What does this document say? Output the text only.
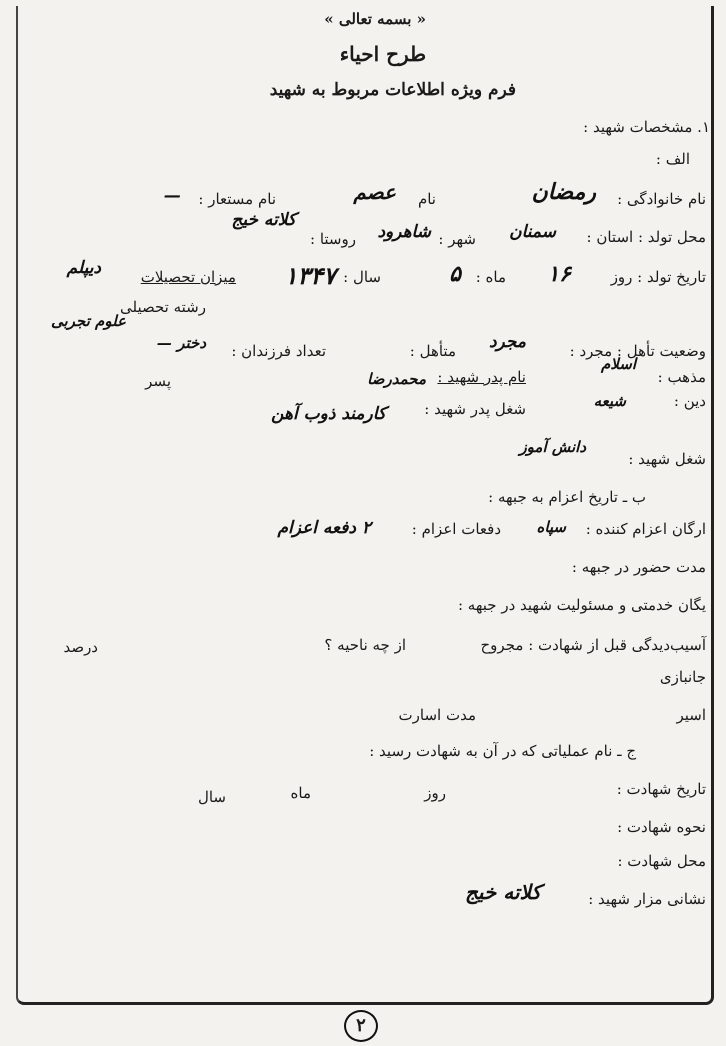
« بسمه تعالی »
طرح احیاء
فرم ویژه اطلاعات مربوط به شهید
۱. مشخصات شهید :
الف :
نام خانوادگی :
رمضان
نام
عصم
نام مستعار :
—
محل تولد : استان :
سمنان
شهر :
شاهرود
روستا :
کلاته خیج
تاریخ تولد : روز
۱۶
ماه :
۵
سال :
۱۳۴۷
میزان تحصیلات
دیپلم
رشته تحصیلی
علوم تجربی
وضعیت تأهل : مجرد :
مجرد
متأهل :
تعداد فرزندان :
دختر —
پسر	مذهب :
اسلام
دین :
شیعه
نام پدر شهید :
محمدرضا
شغل پدر شهید :
کارمند ذوب آهن
شغل شهید :
دانش آموز
ب ـ تاریخ اعزام به جبهه :
ارگان اعزام کننده :
سپاه
دفعات اعزام :
۲ دفعه اعزام
مدت حضور در جبهه :
یگان خدمتی و مسئولیت شهید در جبهه :
آسیب‌دیدگی قبل از شهادت : مجروح
از چه ناحیه ؟
درصد
جانبازی
اسیر
مدت اسارت
ج ـ نام عملیاتی که در آن به شهادت رسید :
تاریخ شهادت :
روز
ماه
سال
نحوه شهادت :
محل شهادت :
نشانی مزار شهید :
کلاته خیج
۲
